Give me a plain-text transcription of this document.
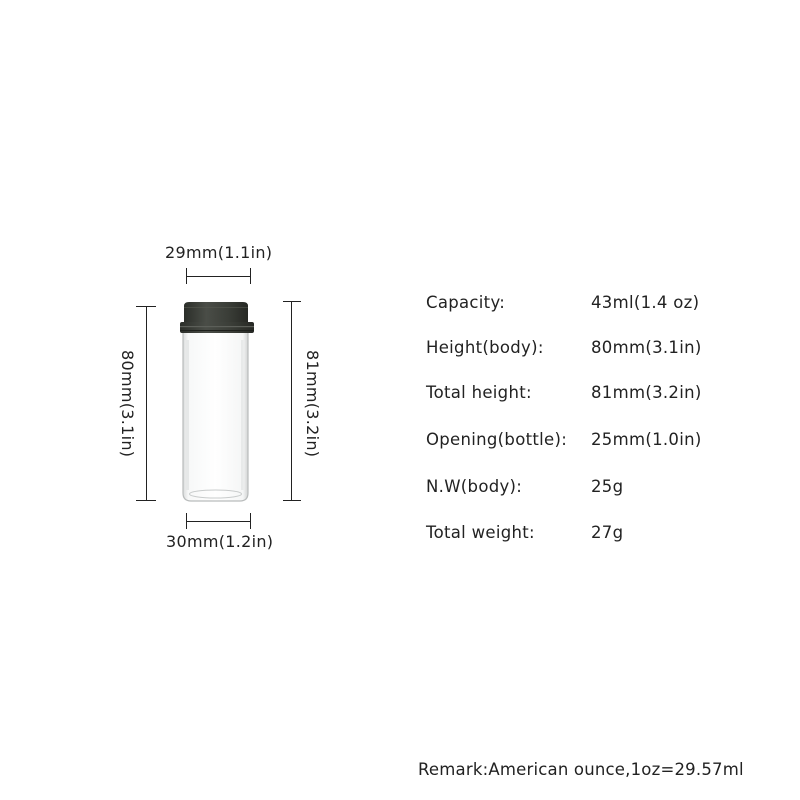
29mm(1.1in)
80mm(3.1in)	81mm(3.2in)
30mm(1.2in)
Capacity:	43ml(1.4 oz)
Height(body):	80mm(3.1in)
Total height:	81mm(3.2in)
Opening(bottle): 25mm(1.0in)
N.W(body):	25g
Total weight:	27g
Remark:American ounce,1oz=29.57ml
